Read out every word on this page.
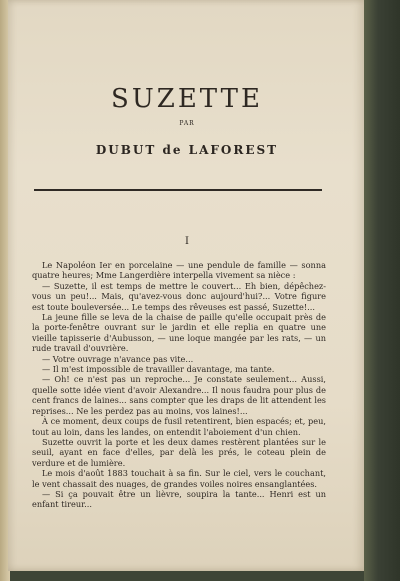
SUZETTE
PAR
DUBUT de LAFOREST
I

Le Napoléon Ier en porcelaine — une pendule de famille — sonna quatre heures; Mme Langerdière interpella vivement sa nièce :

— Suzette, il est temps de mettre le couvert... Eh bien, dépêchez-vous un peu!... Mais, qu'avez-vous donc aujourd'hui?... Votre figure est toute bouleversée... Le temps des rêveuses est passé, Suzette!...

La jeune fille se leva de la chaise de paille qu'elle occupait près de la porte-fenêtre ouvrant sur le jardin et elle replia en quatre une vieille tapisserie d'Aubusson, — une loque mangée par les rats, — un rude travail d'ouvrière.

— Votre ouvrage n'avance pas vite...

— Il m'est impossible de travailler davantage, ma tante.

— Oh! ce n'est pas un reproche... Je constate seulement... Aussi, quelle sotte idée vient d'avoir Alexandre... Il nous faudra pour plus de cent francs de laines... sans compter que les draps de lit attendent les reprises... Ne les perdez pas au moins, vos laines!...

À ce moment, deux coups de fusil retentirent, bien espacés; et, peu, tout au loin, dans les landes, on entendit l'aboiement d'un chien.

Suzette ouvrit la porte et les deux dames restèrent plantées sur le seuil, ayant en face d'elles, par delà les prés, le coteau plein de verdure et de lumière.

Le mois d'août 1883 touchait à sa fin. Sur le ciel, vers le couchant, le vent chassait des nuages, de grandes voiles noires ensanglantées.

— Si ça pouvait être un lièvre, soupira la tante... Henri est un enfant tireur...
